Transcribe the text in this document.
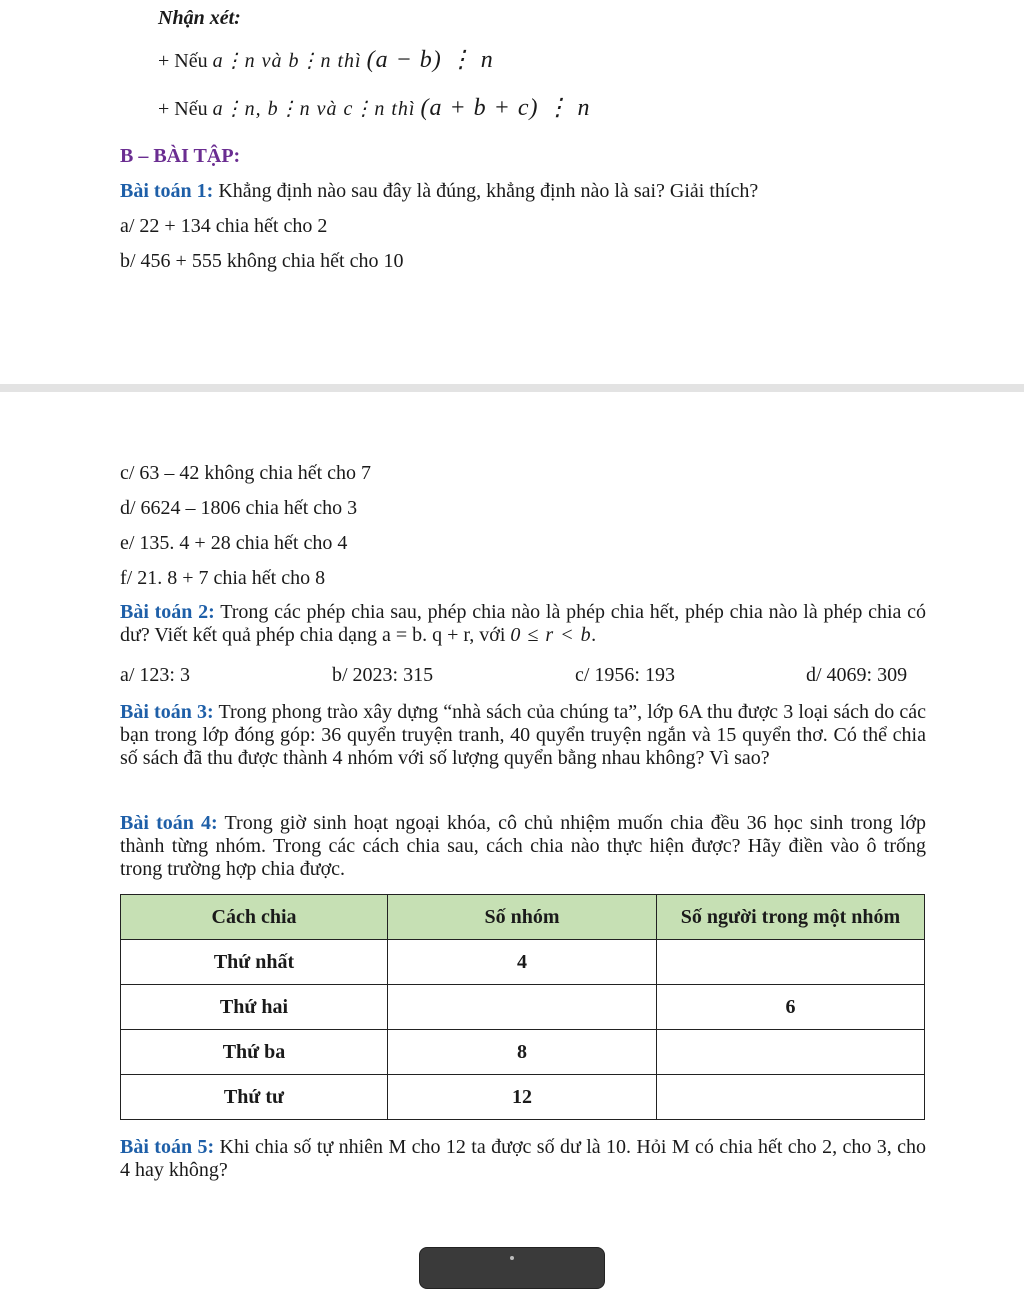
Nhận xét:
+ Nếu a⋮n và b⋮n thì (a − b) ⋮ n
+ Nếu a⋮n, b⋮n và c⋮n thì (a + b + c) ⋮ n
B – BÀI TẬP:
Bài toán 1: Khẳng định nào sau đây là đúng, khẳng định nào là sai? Giải thích?
a/ 22 + 134 chia hết cho 2
b/ 456 + 555 không chia hết cho 10
c/ 63 – 42 không chia hết cho 7
d/ 6624 – 1806 chia hết cho 3
e/ 135. 4 + 28 chia hết cho 4
f/ 21. 8 + 7 chia hết cho 8
Bài toán 2: Trong các phép chia sau, phép chia nào là phép chia hết, phép chia nào là phép chia có dư? Viết kết quả phép chia dạng a = b. q + r, với 0 ≤ r < b.
a/ 123: 3	b/ 2023: 315	c/ 1956: 193	d/ 4069: 309
Bài toán 3: Trong phong trào xây dựng “nhà sách của chúng ta”, lớp 6A thu được 3 loại sách do các bạn trong lớp đóng góp: 36 quyển truyện tranh, 40 quyển truyện ngắn và 15 quyển thơ. Có thể chia số sách đã thu được thành 4 nhóm với số lượng quyển bằng nhau không? Vì sao?
Bài toán 4: Trong giờ sinh hoạt ngoại khóa, cô chủ nhiệm muốn chia đều 36 học sinh trong lớp thành từng nhóm. Trong các cách chia sau, cách chia nào thực hiện được? Hãy điền vào ô trống trong trường hợp chia được.
Cách chia	Số nhóm	Số người trong một nhóm
Thứ nhất	4	
Thứ hai		6
Thứ ba	8	
Thứ tư	12	
Bài toán 5: Khi chia số tự nhiên M cho 12 ta được số dư là 10. Hỏi M có chia hết cho 2, cho 3, cho 4 hay không?
